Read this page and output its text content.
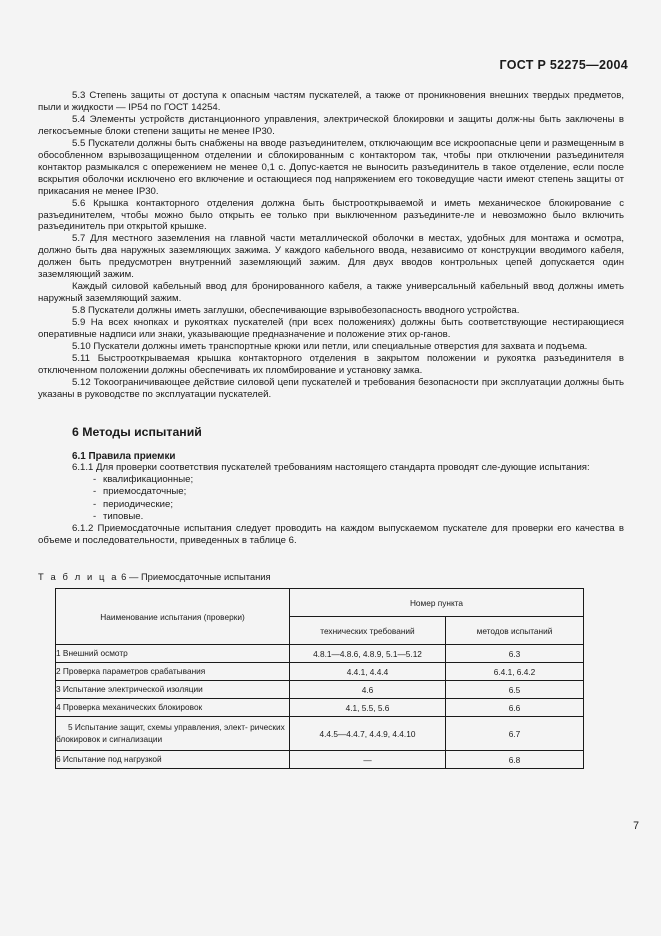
ГОСТ Р 52275—2004

5.3 Степень защиты от доступа к опасным частям пускателей, а также от проникновения внешних твердых предметов, пыли и жидкости — IP54 по ГОСТ 14254.

5.4 Элементы устройств дистанционного управления, электрической блокировки и защиты долж-ны быть заключены в легкосъемные блоки степени защиты не менее IP30.

5.5 Пускатели должны быть снабжены на вводе разъединителем, отключающим все искроопасные цепи и размещенным в обособленном взрывозащищенном отделении и сблокированным с контактором так, чтобы при отключении разъединителя контактор размыкался с опережением не менее 0,1 с. Допус-кается не выносить разъединитель в такое отделение, если после вскрытия оболочки исключено его включение и остающиеся под напряжением его токоведущие части имеют степень защиты от прикасания не менее IP30.

5.6 Крышка контакторного отделения должна быть быстрооткрываемой и иметь механическое блокирование с разъединителем, чтобы можно было открыть ее только при выключенном разъедините-ле и невозможно было включить разъединитель при открытой крышке.

5.7 Для местного заземления на главной части металлической оболочки в местах, удобных для монтажа и осмотра, должно быть два наружных заземляющих зажима. У каждого кабельного ввода, независимо от конструкции вводимого кабеля, должен быть предусмотрен внутренний заземляющий зажим. Для двух вводов контрольных цепей допускается один заземляющий зажим.

Каждый силовой кабельный ввод для бронированного кабеля, а также универсальный кабельный ввод должны иметь наружный заземляющий зажим.

5.8 Пускатели должны иметь заглушки, обеспечивающие взрывобезопасность вводного устройства.

5.9 На всех кнопках и рукоятках пускателей (при всех положениях) должны быть соответствующие нестирающиеся оперативные надписи или знаки, указывающие предназначение и положение этих ор-ганов.

5.10 Пускатели должны иметь транспортные крюки или петли, или специальные отверстия для захвата и подъема.

5.11 Быстрооткрываемая крышка контакторного отделения в закрытом положении и рукоятка разъединителя в отключенном положении должны обеспечивать их пломбирование и установку замка.

5.12 Токоограничивающее действие силовой цепи пускателей и требования безопасности при эксплуатации должны быть указаны в руководстве по эксплуатации пускателей.

6 Методы испытаний

6.1 Правила приемки

6.1.1 Для проверки соответствия пускателей требованиям настоящего стандарта проводят сле-дующие испытания:

- квалификационные;
- приемосдаточные;
- периодические;
- типовые.

6.1.2 Приемосдаточные испытания следует проводить на каждом выпускаемом пускателе для проверки его качества в объеме и последовательности, приведенных в таблице 6.

Т а б л и ц а 6 — Приемосдаточные испытания

Наименование испытания (проверки)	Номер пункта	
	технических требований	методов испытаний
1 Внешний осмотр	4.8.1—4.8.6, 4.8.9, 5.1—5.12	6.3
2 Проверка параметров срабатывания	4.4.1, 4.4.4	6.4.1, 6.4.2
3 Испытание электрической изоляции	4.6	6.5
4 Проверка механических блокировок	4.1, 5.5, 5.6	6.6
5 Испытание защит, схемы управления, элект- рических блокировок и сигнализации	4.4.5—4.4.7, 4.4.9, 4.4.10	6.7
6 Испытание под нагрузкой	—	6.8
7
